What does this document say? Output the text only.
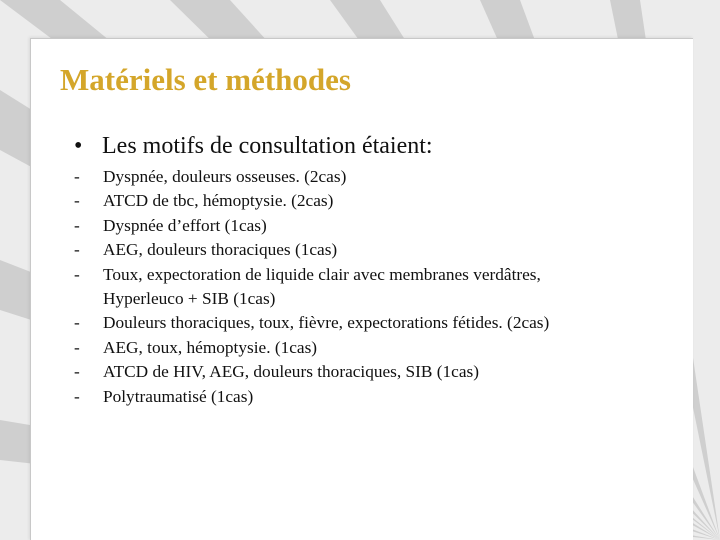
Matériels et méthodes

• Les motifs de consultation étaient:

- Dyspnée, douleurs osseuses. (2cas)
- ATCD de tbc, hémoptysie. (2cas)
- Dyspnée d’effort (1cas)
- AEG, douleurs thoraciques (1cas)
- Toux, expectoration de liquide clair avec membranes verdâtres, Hyperleuco + SIB (1cas)
- Douleurs thoraciques, toux, fièvre, expectorations fétides. (2cas)
- AEG, toux, hémoptysie. (1cas)
- ATCD de HIV, AEG, douleurs thoraciques, SIB (1cas)
- Polytraumatisé (1cas)
